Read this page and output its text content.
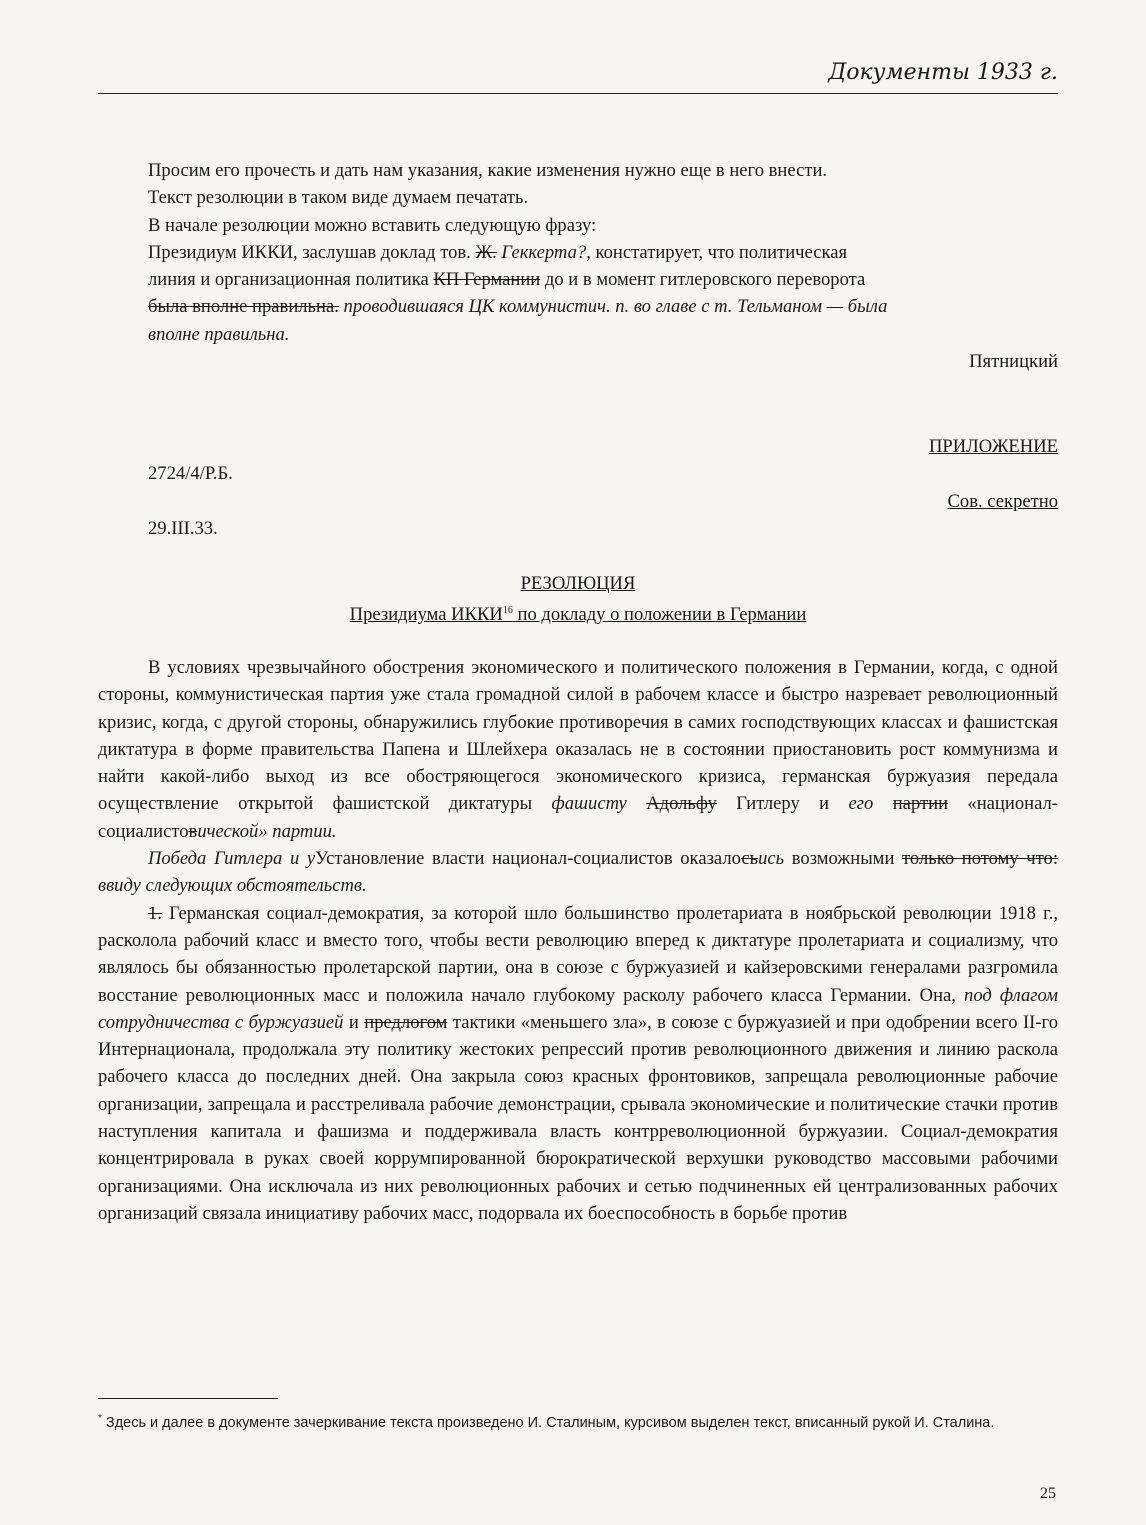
Документы 1933 г.

Просим его прочесть и дать нам указания, какие изменения нужно еще в него внести.

Текст резолюции в таком виде думаем печатать.

В начале резолюции можно вставить следующую фразу:

Президиум ИККИ, заслушав доклад тов. Ж. Геккерта?, констатирует, что политическая

линия и организационная политика КП Германии до и в момент гитлеровского переворота

была вполне правильна. проводившаяся ЦК коммунистич. п. во главе с т. Тельманом — была

вполне правильна.

Пятницкий

ПРИЛОЖЕНИЕ

2724/4/Р.Б.

Сов. секретно

29.III.33.

РЕЗОЛЮЦИЯ

Президиума ИККИ$^{16}$ по докладу о положении в Германии

В условиях чрезвычайного обострения экономического и политического положения в Германии, когда, с одной стороны, коммунистическая партия уже стала громадной силой в рабочем классе и быстро назревает революционный кризис, когда, с другой стороны, обнаружились глубокие противоречия в самих господствующих классах и фашистская диктатура в форме правительства Папена и Шлейхера оказалась не в состоянии приостановить рост коммунизма и найти какой-либо выход из все обостряющегося экономического кризиса, германская буржуазия передала осуществление открытой фашистской диктатуры фашисту Адольфу Гитлеру и его партии «национал-социалистовической» партии.

Победа Гитлера и уУстановление власти национал-социалистов оказалосьись возможными только потому что: ввиду следующих обстоятельств.

1. Германская социал-демократия, за которой шло большинство пролетариата в ноябрьской революции 1918 г., расколола рабочий класс и вместо того, чтобы вести революцию вперед к диктатуре пролетариата и социализму, что являлось бы обязанностью пролетарской партии, она в союзе с буржуазией и кайзеровскими генералами разгромила восстание революционных масс и положила начало глубокому расколу рабочего класса Германии. Она, под флагом сотрудничества с буржуазией и предлогом тактики «меньшего зла», в союзе с буржуазией и при одобрении всего II-го Интернационала, продолжала эту политику жестоких репрессий против революционного движения и линию раскола рабочего класса до последних дней. Она закрыла союз красных фронтовиков, запрещала революционные рабочие организации, запрещала и расстреливала рабочие демонстрации, срывала экономические и политические стачки против наступления капитала и фашизма и поддерживала власть контрреволюционной буржуазии. Социал-демократия концентрировала в руках своей коррумпированной бюрократической верхушки руководство массовыми рабочими организациями. Она исключала из них революционных рабочих и сетью подчиненных ей централизованных рабочих организаций связала инициативу рабочих масс, подорвала их боеспособность в борьбе против

* Здесь и далее в документе зачеркивание текста произведено И. Сталиным, курсивом выделен текст, вписанный рукой И. Сталина.
25
